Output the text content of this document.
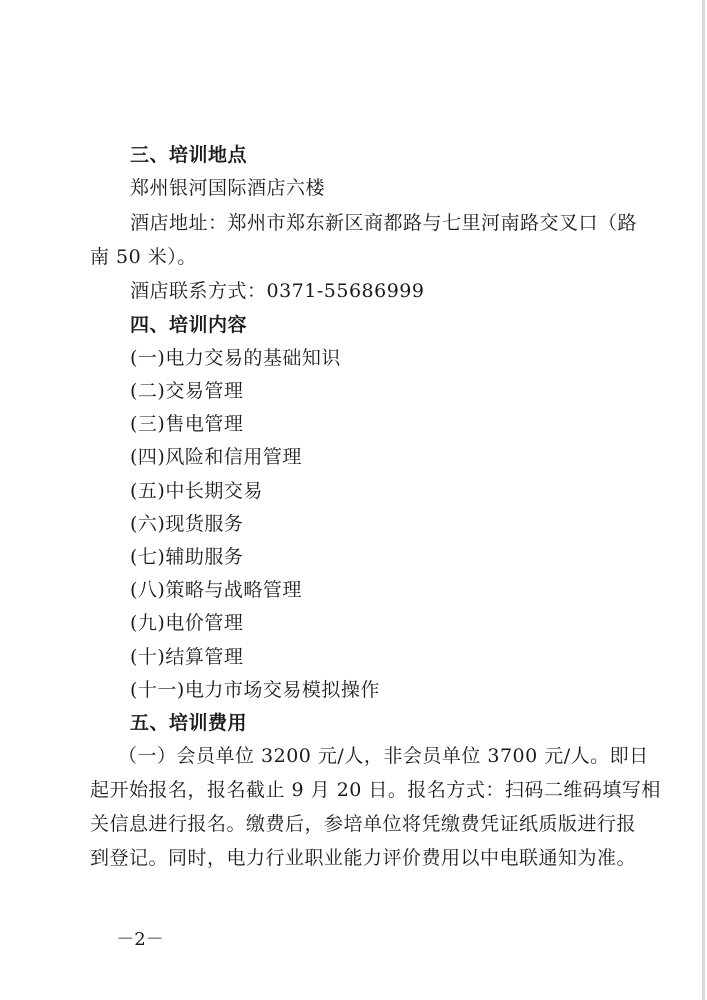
三、培训地点
郑州银河国际酒店六楼
酒店地址：郑州市郑东新区商都路与七里河南路交叉口（路
南 50 米）。
酒店联系方式：0371-55686999
四、培训内容
(一)电力交易的基础知识
(二)交易管理
(三)售电管理
(四)风险和信用管理
(五)中长期交易
(六)现货服务
(七)辅助服务
(八)策略与战略管理
(九)电价管理
(十)结算管理
(十一)电力市场交易模拟操作
五、培训费用
（一）会员单位 3200 元/人，非会员单位 3700 元/人。即日
起开始报名，报名截止 9 月 20 日。报名方式：扫码二维码填写相
关信息进行报名。缴费后，参培单位将凭缴费凭证纸质版进行报
到登记。同时，电力行业职业能力评价费用以中电联通知为准。
－2－
